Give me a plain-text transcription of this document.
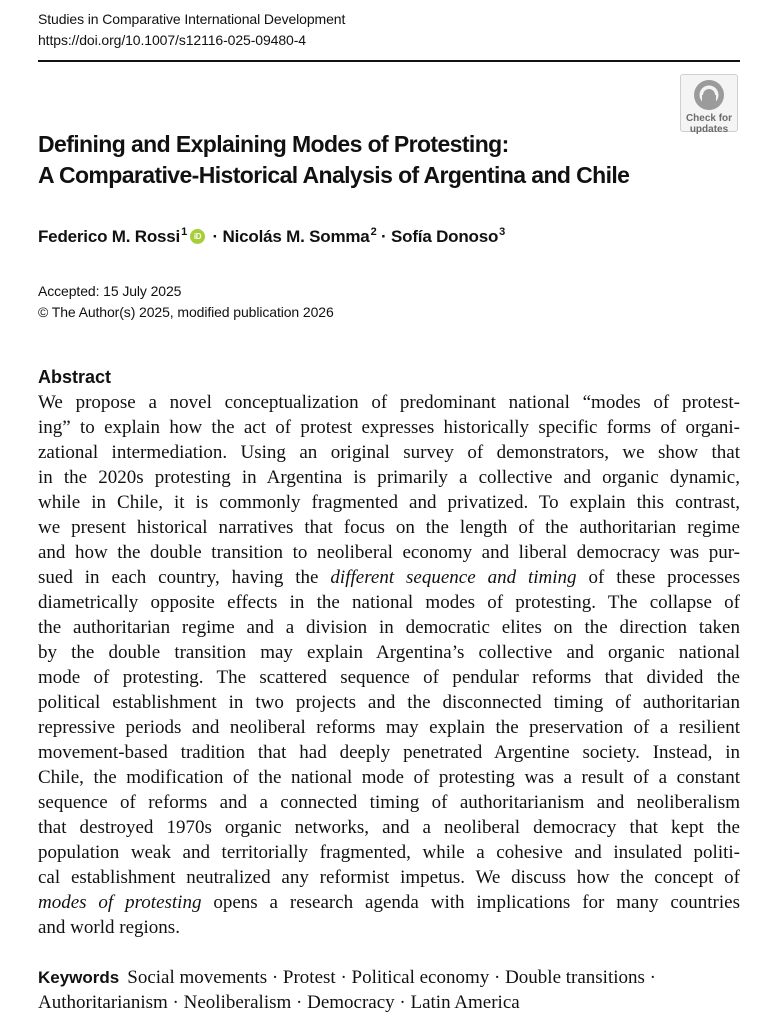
Studies in Comparative International Development
https://doi.org/10.1007/s12116-025-09480-4
Check for
updates
Defining and Explaining Modes of Protesting:
A Comparative-Historical Analysis of Argentina and Chile
Federico M. Rossi$^1$ iD · Nicolás M. Somma$^2$ · Sofía Donoso$^3$
Accepted: 15 July 2025
© The Author(s) 2025, modified publication 2026
Abstract
We propose a novel conceptualization of predominant national “modes of protest-
ing” to explain how the act of protest expresses historically specific forms of organi-
zational intermediation. Using an original survey of demonstrators, we show that
in the 2020s protesting in Argentina is primarily a collective and organic dynamic,
while in Chile, it is commonly fragmented and privatized. To explain this contrast,
we present historical narratives that focus on the length of the authoritarian regime
and how the double transition to neoliberal economy and liberal democracy was pur-
sued in each country, having the different sequence and timing of these processes
diametrically opposite effects in the national modes of protesting. The collapse of
the authoritarian regime and a division in democratic elites on the direction taken
by the double transition may explain Argentina’s collective and organic national
mode of protesting. The scattered sequence of pendular reforms that divided the
political establishment in two projects and the disconnected timing of authoritarian
repressive periods and neoliberal reforms may explain the preservation of a resilient
movement-based tradition that had deeply penetrated Argentine society. Instead, in
Chile, the modification of the national mode of protesting was a result of a constant
sequence of reforms and a connected timing of authoritarianism and neoliberalism
that destroyed 1970s organic networks, and a neoliberal democracy that kept the
population weak and territorially fragmented, while a cohesive and insulated politi-
cal establishment neutralized any reformist impetus. We discuss how the concept of
modes of protesting opens a research agenda with implications for many countries
and world regions.
Keywords Social movements · Protest · Political economy · Double transitions ·
Authoritarianism · Neoliberalism · Democracy · Latin America
